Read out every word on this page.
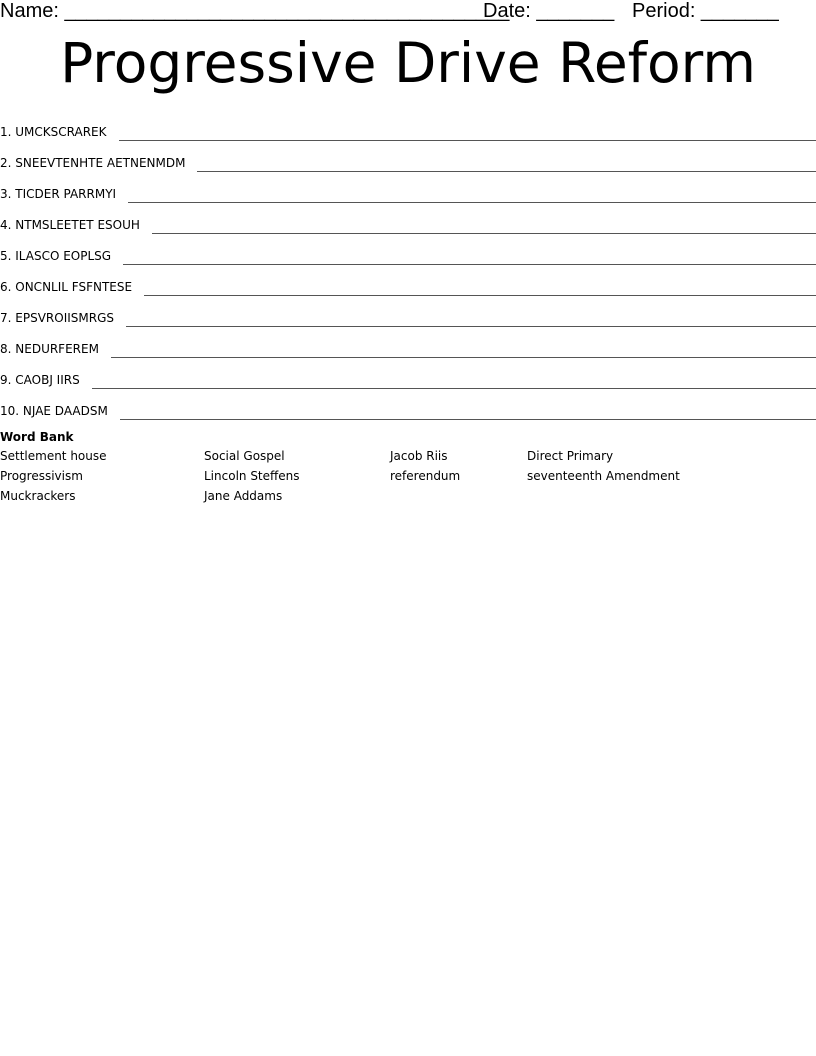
Name: ________________________________________
Date: _______ Period: _______
Progressive Drive Reform
1. UMCKSCRAREK
2. SNEEVTENHTE AETNENMDM
3. TICDER PARRMYI
4. NTMSLEETET ESOUH
5. ILASCO EOPLSG
6. ONCNLIL FSFNTESE
7. EPSVROIISMRGS
8. NEDURFEREM
9. CAOBJ IIRS
10. NJAE DAADSM
Word Bank
Settlement house	Social Gospel	Jacob Riis	Direct Primary
Progressivism	Lincoln Steffens	referendum	seventeenth Amendment
Muckrackers	Jane Addams
